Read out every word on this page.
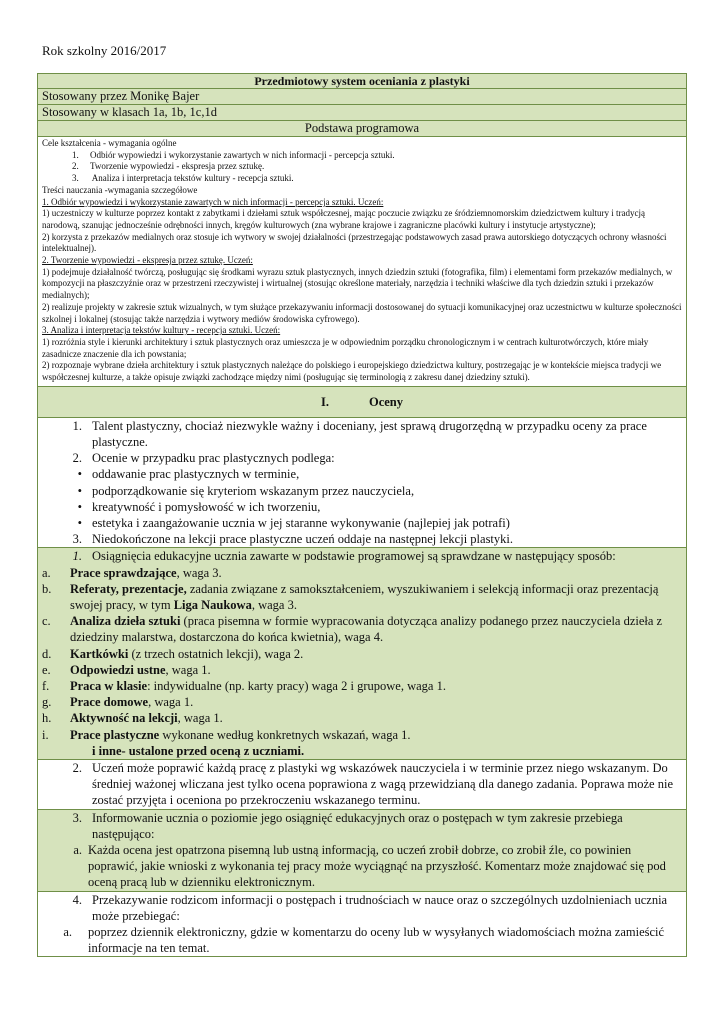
Rok szkolny 2016/2017
Przedmiotowy system oceniania z plastyki
Stosowany przez Monikę Bajer
Stosowany w klasach 1a, 1b, 1c,1d
Podstawa programowa

Cele kształcenia - wymagania ogólne

1. Odbiór wypowiedzi i wykorzystanie zawartych w nich informacji - percepcja sztuki.

2. Tworzenie wypowiedzi - ekspresja przez sztukę.

3. Analiza i interpretacja tekstów kultury - recepcja sztuki.

Treści nauczania -wymagania szczegółowe

1. Odbiór wypowiedzi i wykorzystanie zawartych w nich informacji - percepcja sztuki. Uczeń:

1) uczestniczy w kulturze poprzez kontakt z zabytkami i dziełami sztuk współczesnej, mając poczucie związku ze śródziemnomorskim dziedzictwem kultury i tradycją narodową, szanując jednocześnie odrębności innych, kręgów kulturowych (zna wybrane krajowe i zagraniczne placówki kultury i instytucje artystyczne);

2) korzysta z przekazów medialnych oraz stosuje ich wytwory w swojej działalności (przestrzegając podstawowych zasad prawa autorskiego dotyczących ochrony własności intelektualnej).

2. Tworzenie wypowiedzi - ekspresja przez sztukę. Uczeń:

1) podejmuje działalność twórczą, posługując się środkami wyrazu sztuk plastycznych, innych dziedzin sztuki (fotografika, film) i elementami form przekazów medialnych, w kompozycji na płaszczyźnie oraz w przestrzeni rzeczywistej i wirtualnej (stosując określone materiały, narzędzia i techniki właściwe dla tych dziedzin sztuki i przekazów medialnych);

2) realizuje projekty w zakresie sztuk wizualnych, w tym służące przekazywaniu informacji dostosowanej do sytuacji komunikacyjnej oraz uczestnictwu w kulturze społeczności szkolnej i lokalnej (stosując także narzędzia i wytwory mediów środowiska cyfrowego).

3. Analiza i interpretacja tekstów kultury - recepcja sztuki. Uczeń:

1) rozróżnia style i kierunki architektury i sztuk plastycznych oraz umieszcza je w odpowiednim porządku chronologicznym i w centrach kulturotwórczych, które miały zasadnicze znaczenie dla ich powstania;

2) rozpoznaje wybrane dzieła architektury i sztuk plastycznych należące do polskiego i europejskiego dziedzictwa kultury, postrzegając je w kontekście miejsca tradycji we współczesnej kulturze, a także opisuje związki zachodzące między nimi (posługując się terminologią z zakresu danej dziedziny sztuki).

I.	Oceny

1. Talent plastyczny, chociaż niezwykle ważny i doceniany, jest sprawą drugorzędną w przypadku oceny za prace plastyczne.
2. Ocenie w przypadku prac plastycznych podlega:
• oddawanie prac plastycznych w terminie,
• podporządkowanie się kryteriom wskazanym przez nauczyciela,
• kreatywność i pomysłowość w ich tworzeniu,
• estetyka i zaangażowanie ucznia w jej staranne wykonywanie (najlepiej jak potrafi)
3. Niedokończone na lekcji prace plastyczne uczeń oddaje na następnej lekcji plastyki.

1. Osiągnięcia edukacyjne ucznia zawarte w podstawie programowej są sprawdzane w następujący sposób:
a.	Prace sprawdzające, waga 3.
b.	Referaty, prezentacje, zadania związane z samokształceniem, wyszukiwaniem i selekcją informacji oraz prezentacją swojej pracy, w tym Liga Naukowa, waga 3.
c.	Analiza dzieła sztuki (praca pisemna w formie wypracowania dotycząca analizy podanego przez nauczyciela dzieła z dziedziny malarstwa, dostarczona do końca kwietnia), waga 4.
d.	Kartkówki (z trzech ostatnich lekcji), waga 2.
e.	Odpowiedzi ustne, waga 1.
f.	Praca w klasie: indywidualne (np. karty pracy) waga 2 i grupowe, waga 1.
g.	Prace domowe, waga 1.
h.	Aktywność na lekcji, waga 1.
i.	Prace plastyczne wykonane według konkretnych wskazań, waga 1.
i inne- ustalone przed oceną z uczniami.

2. Uczeń może poprawić każdą pracę z plastyki wg wskazówek nauczyciela i w terminie przez niego wskazanym. Do średniej ważonej wliczana jest tylko ocena poprawiona z wagą przewidzianą dla danego zadania. Poprawa może nie zostać przyjęta i oceniona po przekroczeniu wskazanego terminu.

3. Informowanie ucznia o poziomie jego osiągnięć edukacyjnych oraz o postępach w tym zakresie przebiega następująco:
a. Każda ocena jest opatrzona pisemną lub ustną informacją, co uczeń zrobił dobrze, co zrobił źle, co powinien poprawić, jakie wnioski z wykonania tej pracy może wyciągnąć na przyszłość. Komentarz może znajdować się pod oceną pracą lub w dzienniku elektronicznym.

4. Przekazywanie rodzicom informacji o postępach i trudnościach w nauce oraz o szczególnych uzdolnieniach ucznia może przebiegać:
a.	poprzez dziennik elektroniczny, gdzie w komentarzu do oceny lub w wysyłanych wiadomościach można zamieścić informacje na ten temat.
